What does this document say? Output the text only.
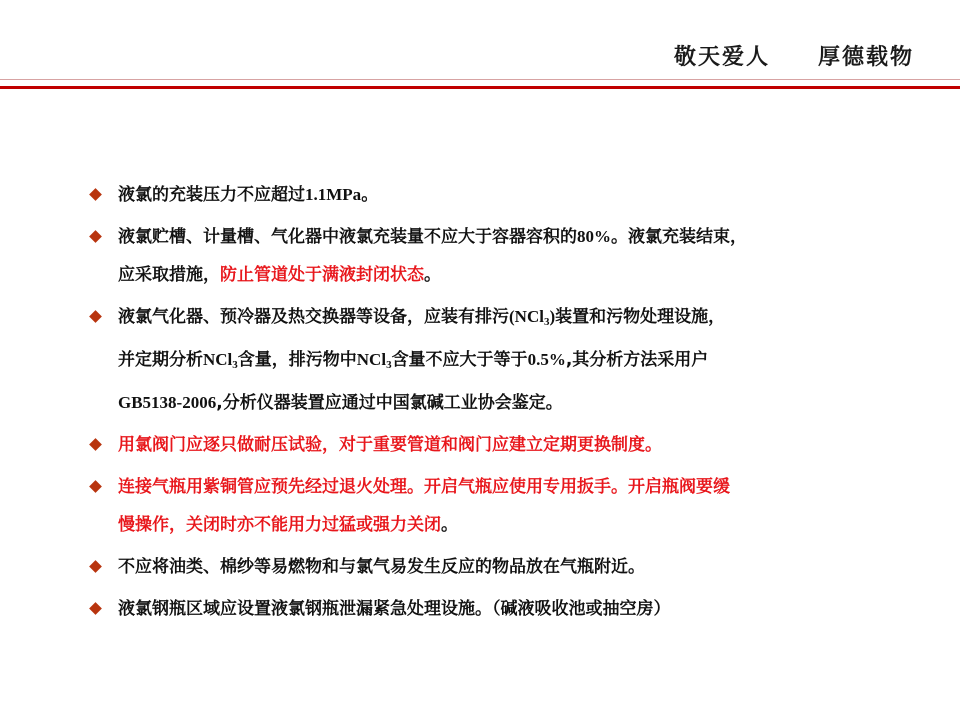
敬天爱人　　厚德载物
液氯的充装压力不应超过1.1MPa。
液氯贮槽、计量槽、气化器中液氯充装量不应大于容器容积的80%。液氯充装结束，
应采取措施，防止管道处于满液封闭状态。
液氯气化器、预冷器及热交换器等设备，应装有排污(NCl$_3$)装置和污物处理设施，
并定期分析NCl$_3$含量，排污物中NCl$_3$含量不应大于等于0.5%,其分析方法采用户
GB5138-2006,分析仪器装置应通过中国氯碱工业协会鉴定。
用氯阀门应逐只做耐压试验，对于重要管道和阀门应建立定期更换制度。
连接气瓶用紫铜管应预先经过退火处理。开启气瓶应使用专用扳手。开启瓶阀要缓
慢操作，关闭时亦不能用力过猛或强力关闭。
不应将油类、棉纱等易燃物和与氯气易发生反应的物品放在气瓶附近。
液氯钢瓶区域应设置液氯钢瓶泄漏紧急处理设施。（碱液吸收池或抽空房）
